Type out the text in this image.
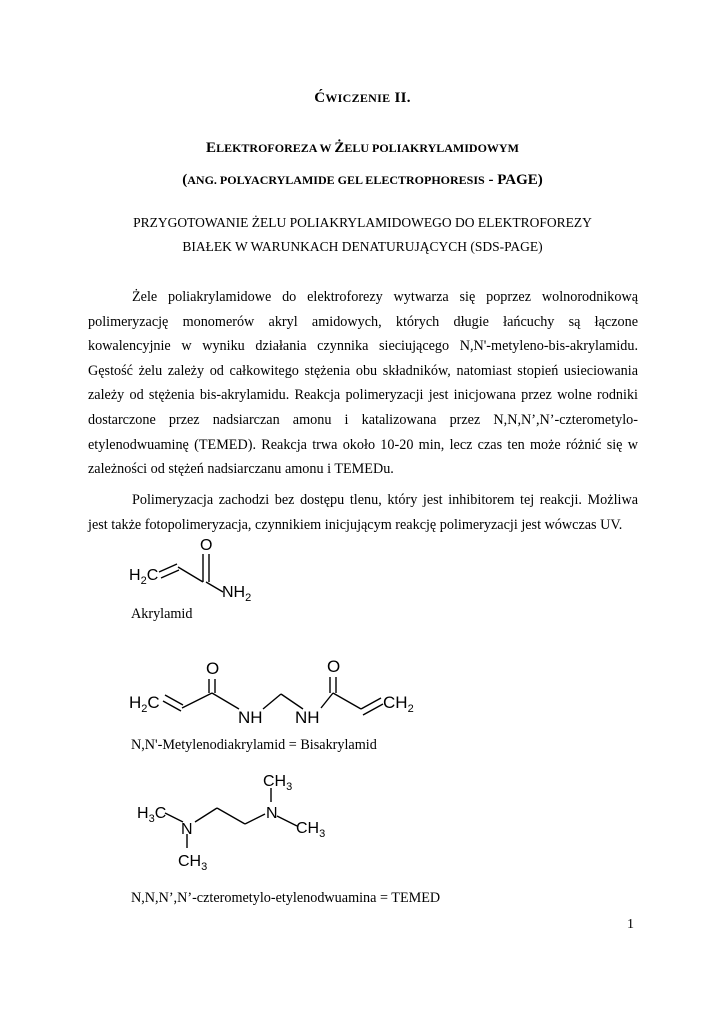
ĆWICZENIE II.
ELEKTROFOREZA W ŻELU POLIAKRYLAMIDOWYM
(ANG. POLYACRYLAMIDE GEL ELECTROPHORESIS - PAGE)
PRZYGOTOWANIE ŻELU POLIAKRYLAMIDOWEGO DO ELEKTROFOREZY
BIAŁEK W WARUNKACH DENATURUJĄCYCH (SDS-PAGE)

Żele poliakrylamidowe do elektroforezy wytwarza się poprzez wolnorodnikową polimeryzację monomerów akryl amidowych, których długie łańcuchy są łączone kowalencyjnie w wyniku działania czynnika sieciującego N,N'-metyleno-bis-akrylamidu. Gęstość żelu zależy od całkowitego stężenia obu składników, natomiast stopień usieciowania zależy od stężenia bis-akrylamidu. Reakcja polimeryzacji jest inicjowana przez wolne rodniki dostarczone przez nadsiarczan amonu i katalizowana przez N,N,N’,N’-czterometylo-etylenodwuaminę (TEMED). Reakcja trwa około 10-20 min, lecz czas ten może różnić się w zależności od stężeń nadsiarczanu amonu i TEMEDu.

Polimeryzacja zachodzi bez dostępu tlenu, który jest inhibitorem tej reakcji. Możliwa jest także fotopolimeryzacja, czynnikiem inicjującym reakcję polimeryzacji jest wówczas UV.

$H_2C$
O
$NH_2$
Akrylamid
$H_2C$
O
NH NH
O
$CH_2$
N,N'-Metylenodiakrylamid = Bisakrylamid
$CH_3$
$H_3C$	N
N	$CH_3$
$CH_3$
N,N,N’,N’-czterometylo-etylenodwuamina = TEMED
1
